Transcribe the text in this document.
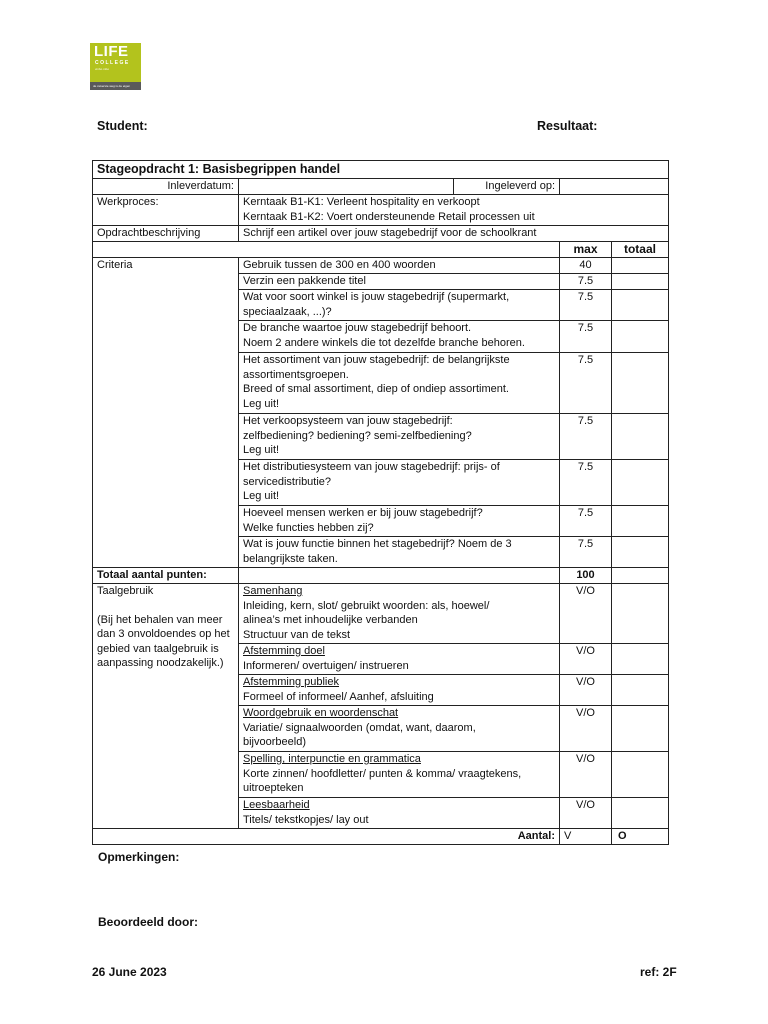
LIFE
COLLEGE
vmbo mbo
de zekerste weg is de eigen
Student:	Resultaat:
Stageopdracht 1: Basisbegrippen handel				
Inleverdatum:		Ingeleverd op:		
Werkproces:	Kerntaak B1-K1: Verleent hospitality en verkoopt
Kerntaak B1-K2: Voert ondersteunende Retail processen uit			

Opdrachtbeschrijving	Schrijf een artikel over jouw stagebedrijf voor de schoolkrant			
			max	totaal
Criteria	Gebruik tussen de 300 en 400 woorden		40	

	Verzin een pakkende titel		7.5	

	Wat voor soort winkel is jouw stagebedrijf (supermarkt,
speciaalzaak, ...)?		7.5	

	De branche waartoe jouw stagebedrijf behoort.
Noem 2 andere winkels die tot dezelfde branche behoren.		7.5	

	Het assortiment van jouw stagebedrijf: de belangrijkste
assortimentsgroepen.
Breed of smal assortiment, diep of ondiep assortiment.
Leg uit!		7.5	

	Het verkoopsysteem van jouw stagebedrijf:
zelfbediening? bediening? semi-zelfbediening?
Leg uit!		7.5	

	Het distributiesysteem van jouw stagebedrijf: prijs- of
servicedistributie?
Leg uit!		7.5	

	Hoeveel mensen werken er bij jouw stagebedrijf?
Welke functies hebben zij?		7.5	

	Wat is jouw functie binnen het stagebedrijf? Noem de 3
belangrijkste taken.		7.5	
Totaal aantal punten:			100	

Taalgebruik
(Bij het behalen van meer dan 3 onvoldoendes op het gebied van taalgebruik is aanpassing noodzakelijk.)	Samenhang
Inleiding, kern, slot/ gebruikt woorden: als, hoewel/
alinea’s met inhoudelijke verbanden
Structuur van de tekst		V/O	

	Afstemming doel
Informeren/ overtuigen/ instrueren		V/O	

	Afstemming publiek
Formeel of informeel/ Aanhef, afsluiting		V/O	

	Woordgebruik en woordenschat
Variatie/ signaalwoorden (omdat, want, daarom,
bijvoorbeeld)		V/O	

	Spelling, interpunctie en grammatica
Korte zinnen/ hoofdletter/ punten & komma/ vraagtekens,
uitroepteken		V/O	

	Leesbaarheid
Titels/ tekstkopjes/ lay out		V/O	
Aantal:			V	O
Opmerkingen:
Beoordeeld door:
26 June 2023	ref: 2F
